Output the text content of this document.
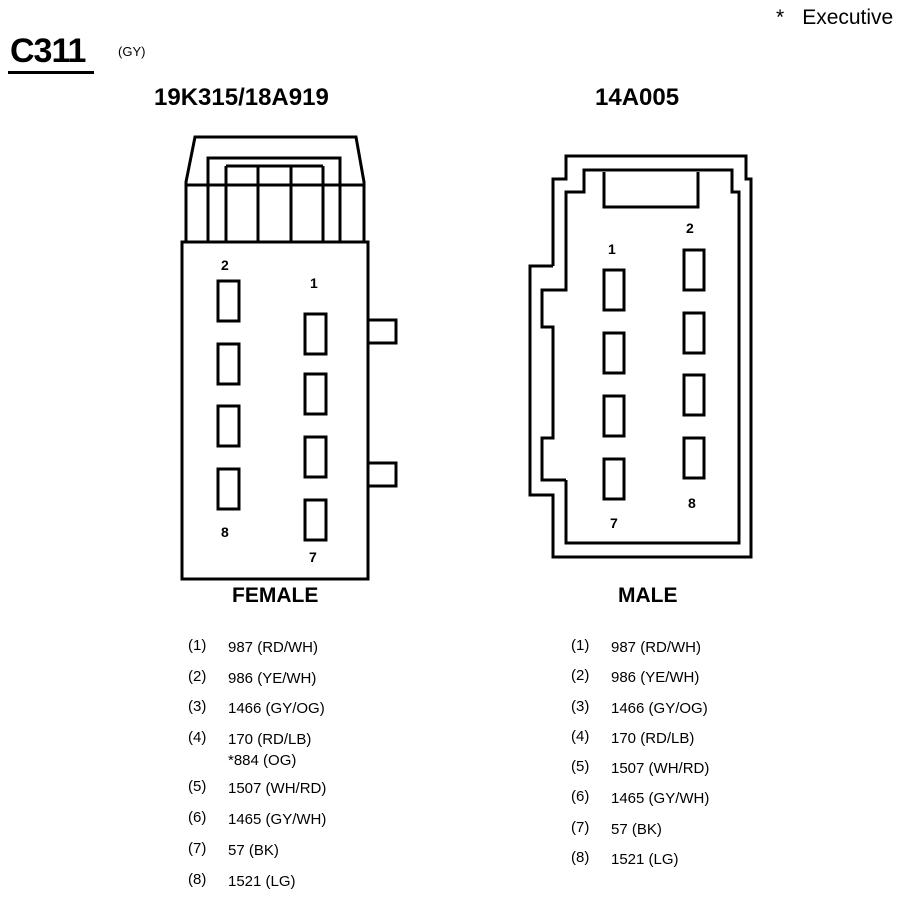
* Executive
C311	(GY)
19K315/18A919	14A005
2
1
8
7
1
2
8
7
FEMALE	MALE
(1)	987 (RD/WH)
(2)	986 (YE/WH)
(3)	1466 (GY/OG)
(4)	170 (RD/LB)
*884 (OG)
(5)	1507 (WH/RD)
(6)	1465 (GY/WH)
(7)	57 (BK)
(8)	1521 (LG)
(1)	987 (RD/WH)
(2)	986 (YE/WH)
(3)	1466 (GY/OG)
(4)	170 (RD/LB)
(5)	1507 (WH/RD)
(6)	1465 (GY/WH)
(7)	57 (BK)
(8)	1521 (LG)
